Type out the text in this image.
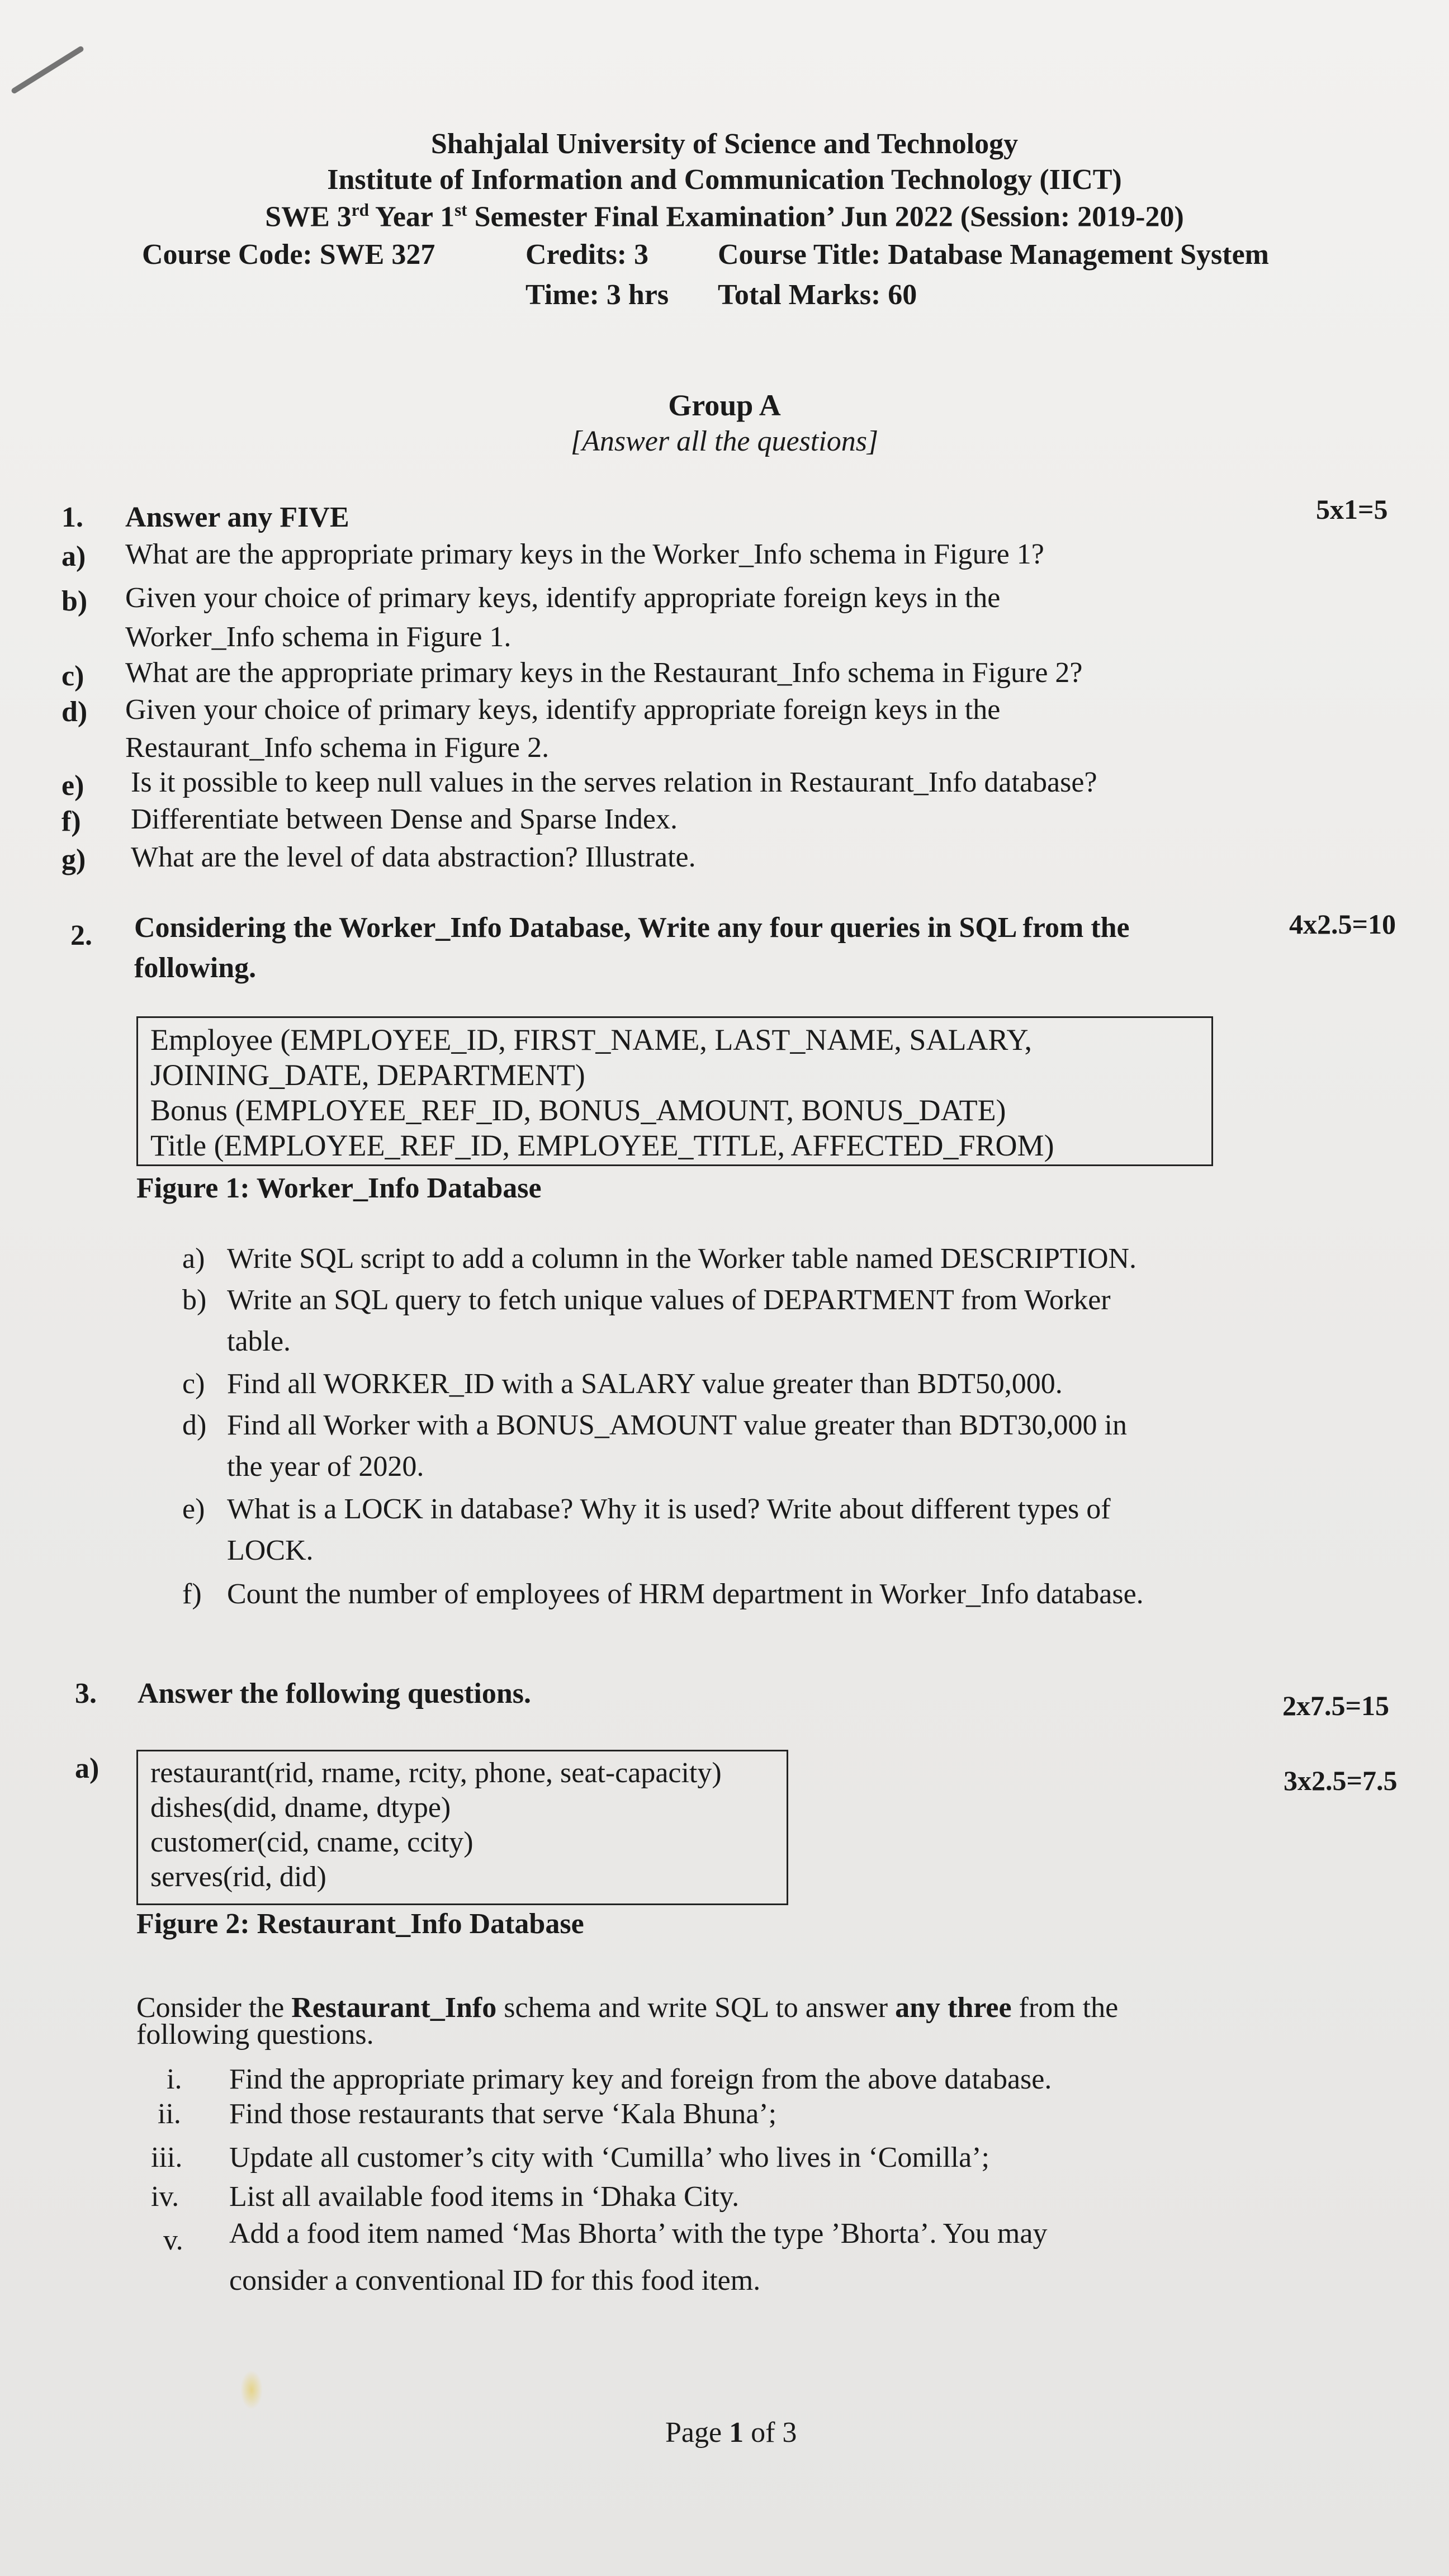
Shahjalal University of Science and Technology
Institute of Information and Communication Technology (IICT)
SWE 3rd Year 1st Semester Final Examination’ Jun 2022 (Session: 2019-20)
Course Code: SWE 327	Credits: 3 Course Title: Database Management System
Time: 3 hrs Total Marks: 60
Group A
[Answer all the questions]
1. Answer any FIVE	5x1=5
a) What are the appropriate primary keys in the Worker_Info schema in Figure 1?
b) Given your choice of primary keys, identify appropriate foreign keys in the
Worker_Info schema in Figure 1.
c) What are the appropriate primary keys in the Restaurant_Info schema in Figure 2?
d) Given your choice of primary keys, identify appropriate foreign keys in the
Restaurant_Info schema in Figure 2.
e) Is it possible to keep null values in the serves relation in Restaurant_Info database?
f) Differentiate between Dense and Sparse Index.
g) What are the level of data abstraction? Illustrate.
2. Considering the Worker_Info Database, Write any four queries in SQL from the
following.
4x2.5=10
Employee (EMPLOYEE_ID, FIRST_NAME, LAST_NAME, SALARY,
JOINING_DATE, DEPARTMENT)
Bonus (EMPLOYEE_REF_ID, BONUS_AMOUNT, BONUS_DATE)
Title (EMPLOYEE_REF_ID, EMPLOYEE_TITLE, AFFECTED_FROM)
Figure 1: Worker_Info Database
a) Write SQL script to add a column in the Worker table named DESCRIPTION.
b) Write an SQL query to fetch unique values of DEPARTMENT from Worker
table.
c) Find all WORKER_ID with a SALARY value greater than BDT50,000.
d) Find all Worker with a BONUS_AMOUNT value greater than BDT30,000 in
the year of 2020.
e) What is a LOCK in database? Why it is used? Write about different types of
LOCK.
f) Count the number of employees of HRM department in Worker_Info database.
3. Answer the following questions.	2x7.5=15
a)	3x2.5=7.5
restaurant(rid, rname, rcity, phone, seat-capacity)
dishes(did, dname, dtype)
customer(cid, cname, ccity)
serves(rid, did)
Figure 2: Restaurant_Info Database
Consider the Restaurant_Info schema and write SQL to answer any three from the
following questions.
i. Find the appropriate primary key and foreign from the above database.
ii. Find those restaurants that serve ‘Kala Bhuna’;
iii. Update all customer’s city with ‘Cumilla’ who lives in ‘Comilla’;
iv. List all available food items in ‘Dhaka City.
v. Add a food item named ‘Mas Bhorta’ with the type ’Bhorta’. You may
consider a conventional ID for this food item.
Page 1 of 3
